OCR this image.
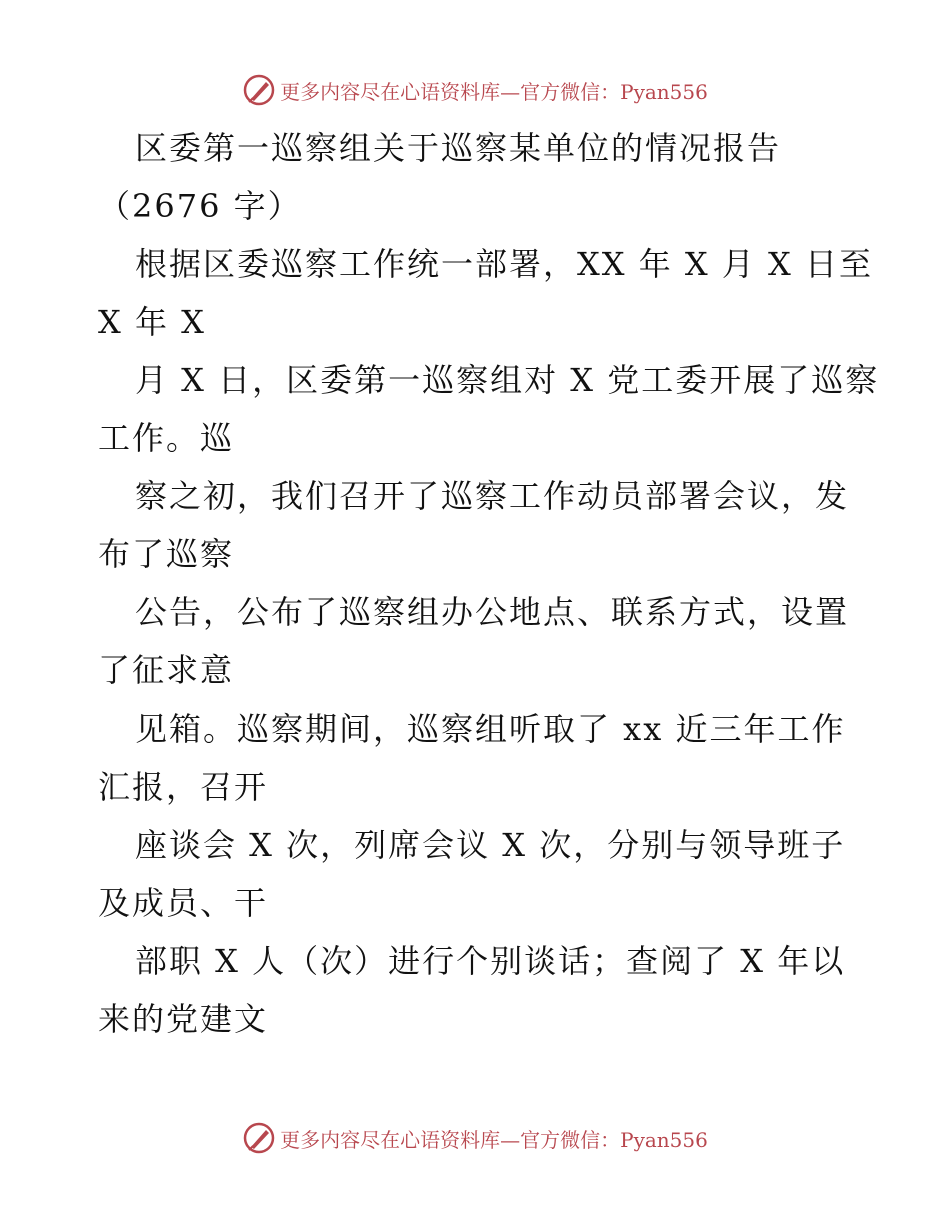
更多内容尽在心语资料库—官方微信：Pyan556
区委第一巡察组关于巡察某单位的情况报告
（2676 字）
根据区委巡察工作统一部署，XX 年 X 月 X 日至
X 年 X
月 X 日，区委第一巡察组对 X 党工委开展了巡察
工作。巡
察之初，我们召开了巡察工作动员部署会议，发
布了巡察
公告，公布了巡察组办公地点、联系方式，设置
了征求意
见箱。巡察期间，巡察组听取了 xx 近三年工作
汇报，召开
座谈会 X 次，列席会议 X 次，分别与领导班子
及成员、干
部职 X 人（次）进行个别谈话；查阅了 X 年以
来的党建文
更多内容尽在心语资料库—官方微信：Pyan556
